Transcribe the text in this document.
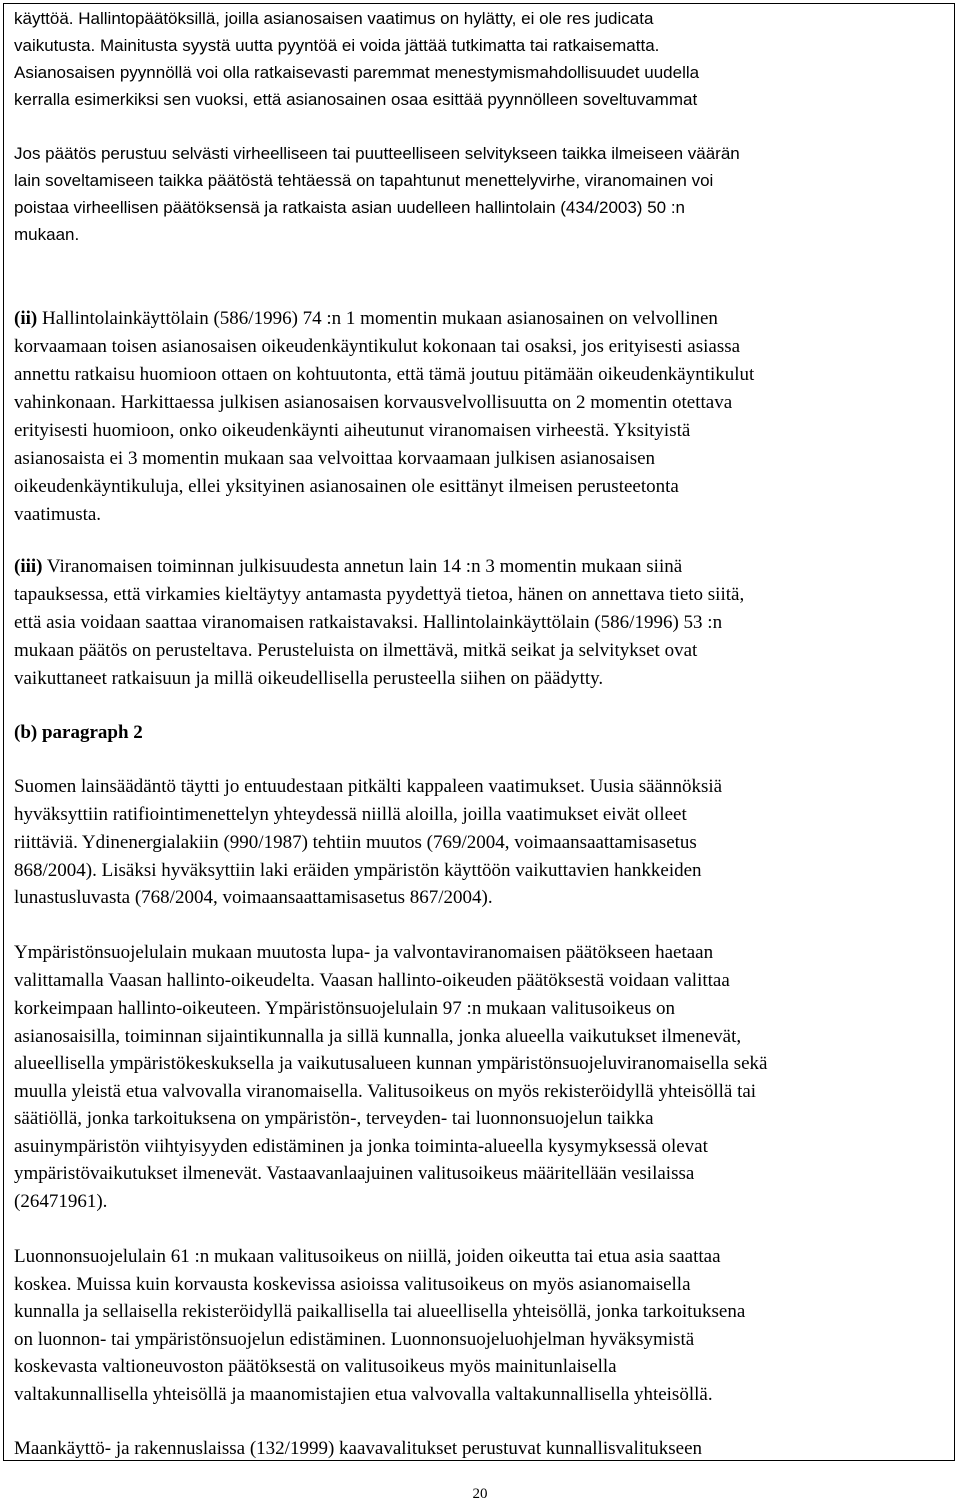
käyttöä. Hallintopäätöksillä, joilla asianosaisen vaatimus on hylätty, ei ole res judicata
vaikutusta. Mainitusta syystä uutta pyyntöä ei voida jättää tutkimatta tai ratkaisematta.
Asianosaisen pyynnöllä voi olla ratkaisevasti paremmat menestymismahdollisuudet uudella
kerralla esimerkiksi sen vuoksi, että asianosainen osaa esittää pyynnölleen soveltuvammat
Jos päätös perustuu selvästi virheelliseen tai puutteelliseen selvitykseen taikka ilmeiseen väärän
lain soveltamiseen taikka päätöstä tehtäessä on tapahtunut menettelyvirhe, viranomainen voi
poistaa virheellisen päätöksensä ja ratkaista asian uudelleen hallintolain (434/2003) 50 :n
mukaan.
(ii) Hallintolainkäyttölain (586/1996) 74 :n 1 momentin mukaan asianosainen on velvollinen
korvaamaan toisen asianosaisen oikeudenkäyntikulut kokonaan tai osaksi, jos erityisesti asiassa
annettu ratkaisu huomioon ottaen on kohtuutonta, että tämä joutuu pitämään oikeudenkäyntikulut
vahinkonaan. Harkittaessa julkisen asianosaisen korvausvelvollisuutta on 2 momentin otettava
erityisesti huomioon, onko oikeudenkäynti aiheutunut viranomaisen virheestä. Yksityistä
asianosaista ei 3 momentin mukaan saa velvoittaa korvaamaan julkisen asianosaisen
oikeudenkäyntikuluja, ellei yksityinen asianosainen ole esittänyt ilmeisen perusteetonta
vaatimusta.
(iii) Viranomaisen toiminnan julkisuudesta annetun lain 14 :n 3 momentin mukaan siinä
tapauksessa, että virkamies kieltäytyy antamasta pyydettyä tietoa, hänen on annettava tieto siitä,
että asia voidaan saattaa viranomaisen ratkaistavaksi. Hallintolainkäyttölain (586/1996) 53 :n
mukaan päätös on perusteltava. Perusteluista on ilmettävä, mitkä seikat ja selvitykset ovat
vaikuttaneet ratkaisuun ja millä oikeudellisella perusteella siihen on päädytty.
(b) paragraph 2
Suomen lainsäädäntö täytti jo entuudestaan pitkälti kappaleen vaatimukset. Uusia säännöksiä
hyväksyttiin ratifiointimenettelyn yhteydessä niillä aloilla, joilla vaatimukset eivät olleet
riittäviä. Ydinenergialakiin (990/1987) tehtiin muutos (769/2004, voimaansaattamisasetus
868/2004). Lisäksi hyväksyttiin laki eräiden ympäristön käyttöön vaikuttavien hankkeiden
lunastusluvasta (768/2004, voimaansaattamisasetus 867/2004).
Ympäristönsuojelulain mukaan muutosta lupa- ja valvontaviranomaisen päätökseen haetaan
valittamalla Vaasan hallinto-oikeudelta. Vaasan hallinto-oikeuden päätöksestä voidaan valittaa
korkeimpaan hallinto-oikeuteen. Ympäristönsuojelulain 97 :n mukaan valitusoikeus on
asianosaisilla, toiminnan sijaintikunnalla ja sillä kunnalla, jonka alueella vaikutukset ilmenevät,
alueellisella ympäristökeskuksella ja vaikutusalueen kunnan ympäristönsuojeluviranomaisella sekä
muulla yleistä etua valvovalla viranomaisella. Valitusoikeus on myös rekisteröidyllä yhteisöllä tai
säätiöllä, jonka tarkoituksena on ympäristön-, terveyden- tai luonnonsuojelun taikka
asuinympäristön viihtyisyyden edistäminen ja jonka toiminta-alueella kysymyksessä olevat
ympäristövaikutukset ilmenevät. Vastaavanlaajuinen valitusoikeus määritellään vesilaissa
(26471961).
Luonnonsuojelulain 61 :n mukaan valitusoikeus on niillä, joiden oikeutta tai etua asia saattaa
koskea. Muissa kuin korvausta koskevissa asioissa valitusoikeus on myös asianomaisella
kunnalla ja sellaisella rekisteröidyllä paikallisella tai alueellisella yhteisöllä, jonka tarkoituksena
on luonnon- tai ympäristönsuojelun edistäminen. Luonnonsuojeluohjelman hyväksymistä
koskevasta valtioneuvoston päätöksestä on valitusoikeus myös mainitunlaisella
valtakunnallisella yhteisöllä ja maanomistajien etua valvovalla valtakunnallisella yhteisöllä.
Maankäyttö- ja rakennuslaissa (132/1999) kaavavalitukset perustuvat kunnallisvalitukseen
20
